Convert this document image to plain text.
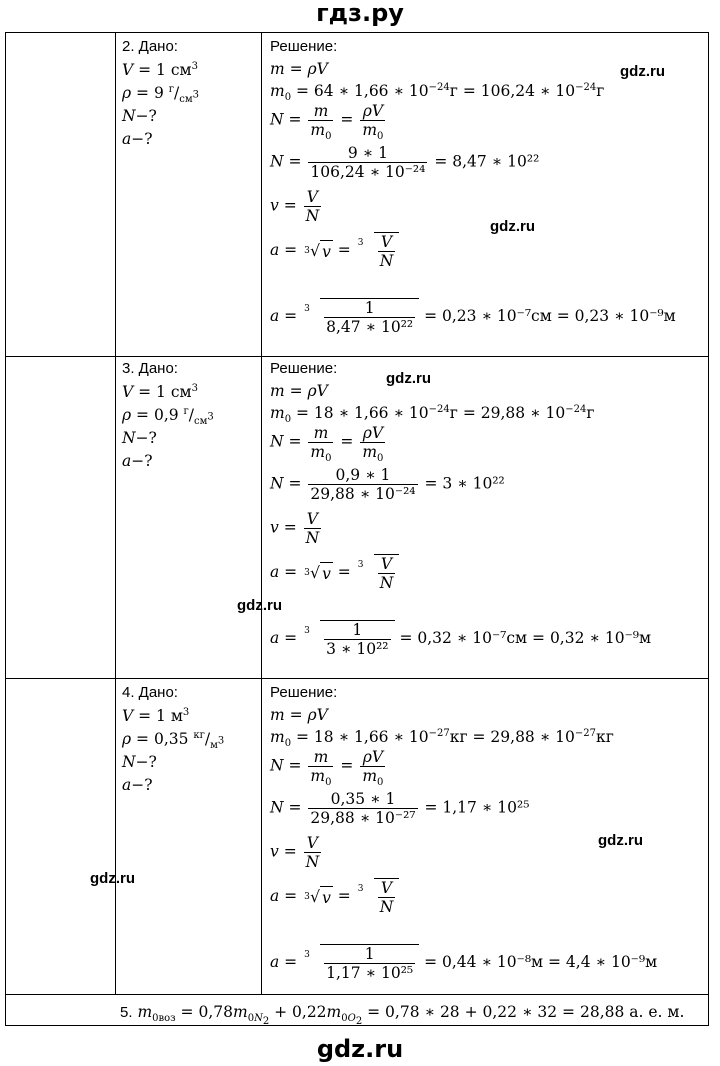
гдз.ру
2. Дано:
V = 1 $см^3$
ρ = 9 $^г/_{см^3}$
N−?
a−?
Решение:
m = ρV
$m_0 = 64$ ∗ 1,66 ∗ $10^{-24}г = 106,24$ ∗ $10^{-24}г$
$N = \frac{m}{m_0} = \frac{\rho V}{m_0}$
$N = \frac{9 ∗ 1}{\text{106,24 ∗ 10⁻²⁴}} = 8,47$ ∗ 10²²
$v = \frac{V}{N}$
a = 3 √ $v = 3 \frac{V}{N}$
$a = 3 \frac{1}{\text{8,47 ∗ 10²²}} = 0,23$ ∗ 10⁻⁷см = 0,23 ∗ 10⁻⁹м
3. Дано:
V = 1 $см^3$
ρ = 0,9 $^г/_{см^3}$
N−?
a−?
Решение:
m = ρV
$m_0 = 18$ ∗ 1,66 ∗ $10^{-24}г = 29,88$ ∗ $10^{-24}г$
$N = \frac{m}{m_0} = \frac{\rho V}{m_0}$
$N = \frac{0,9 ∗ 1}{\text{29,88 ∗ 10⁻²⁴}} = 3$ ∗ 10²²
$v = \frac{V}{N}$
a = 3 √ $v = 3 \frac{V}{N}$
$a = 3 \frac{1}{\text{3 ∗ 10²²}} = 0,32$ ∗ 10⁻⁷см = 0,32 ∗ 10⁻⁹м
4. Дано:
V = 1 $м^3$
ρ = 0,35 $^{кг}/_{м^3}$
N−?
a−?
Решение:
m = ρV
$m_0 = 18$ ∗ 1,66 ∗ $10^{-27}кг = 29,88$ ∗ $10^{-27}кг$
$N = \frac{m}{m_0} = \frac{\rho V}{m_0}$
$N = \frac{0,35 ∗ 1}{\text{29,88 ∗ 10⁻²⁷}} = 1,17$ ∗ 10²⁵
$v = \frac{V}{N}$
a = 3 √ $v = 3 \frac{V}{N}$
$a = 3 \frac{1}{\text{1,17 ∗ 10²⁵}} = 0,44$ ∗ 10⁻⁸м = 4,4 ∗ 10⁻⁹м
5. $m_{0воз} = 0,78m_{0N_2} + 0,22m_{0O_2} = 0,78$ ∗ 28 + 0,22 ∗ 32 = 28,88 а. е. м.
gdz.ru
gdz.ru
gdz.ru
gdz.ru
gdz.ru
gdz.ru
gdz.ru
